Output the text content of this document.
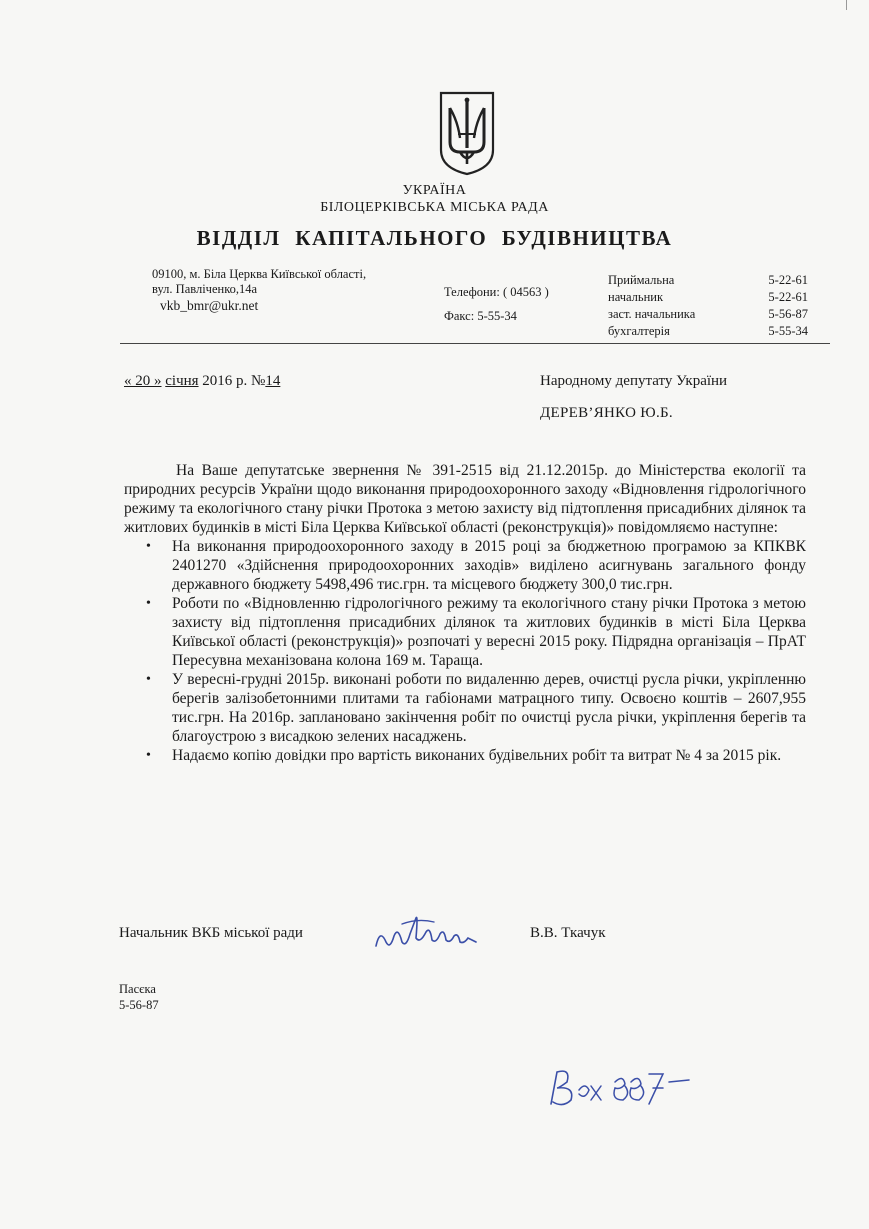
УКРАЇНА
БІЛОЦЕРКІВСЬКА МІСЬКА РАДА
ВІДДІЛ КАПІТАЛЬНОГО БУДІВНИЦТВА
09100, м. Біла Церква Київської області,
вул. Павліченко,14а
vkb_bmr@ukr.net
Телефони: ( 04563 )
Факс: 5-55-34
Приймальна	5-22-61
начальник	5-22-61
заст. начальника	5-56-87
бухгалтерія	5-55-34
« 20 » січня 2016 р. №14	Народному депутату України
ДЕРЕВ’ЯНКО Ю.Б.

На Ваше депутатське звернення № 391-2515 від 21.12.2015р. до Міністерства екології та природних ресурсів України щодо виконання природоохоронного заходу «Відновлення гідрологічного режиму та екологічного стану річки Протока з метою захисту від підтоплення присадибних ділянок та житлових будинків в місті Біла Церква Київської області (реконструкція)» повідомляємо наступне:

• На виконання природоохоронного заходу в 2015 році за бюджетною програмою за КПКВК 2401270 «Здійснення природоохоронних заходів» виділено асигнувань загального фонду державного бюджету 5498,496 тис.грн. та місцевого бюджету 300,0 тис.грн.
• Роботи по «Відновленню гідрологічного режиму та екологічного стану річки Протока з метою захисту від підтоплення присадибних ділянок та житлових будинків в місті Біла Церква Київської області (реконструкція)» розпочаті у вересні 2015 року. Підрядна організація – ПрАТ Пересувна механізована колона 169 м. Тараща.
• У вересні-грудні 2015р. виконані роботи по видаленню дерев, очистці русла річки, укріпленню берегів залізобетонними плитами та габіонами матрацного типу. Освоєно коштів – 2607,955 тис.грн. На 2016р. заплановано закінчення робіт по очистці русла річки, укріплення берегів та благоустрою з висадкою зелених насаджень.
• Надаємо копію довідки про вартість виконаних будівельних робіт та витрат № 4 за 2015 рік.
Начальник ВКБ міської ради	В.В. Ткачук
Пасєка
5-56-87
